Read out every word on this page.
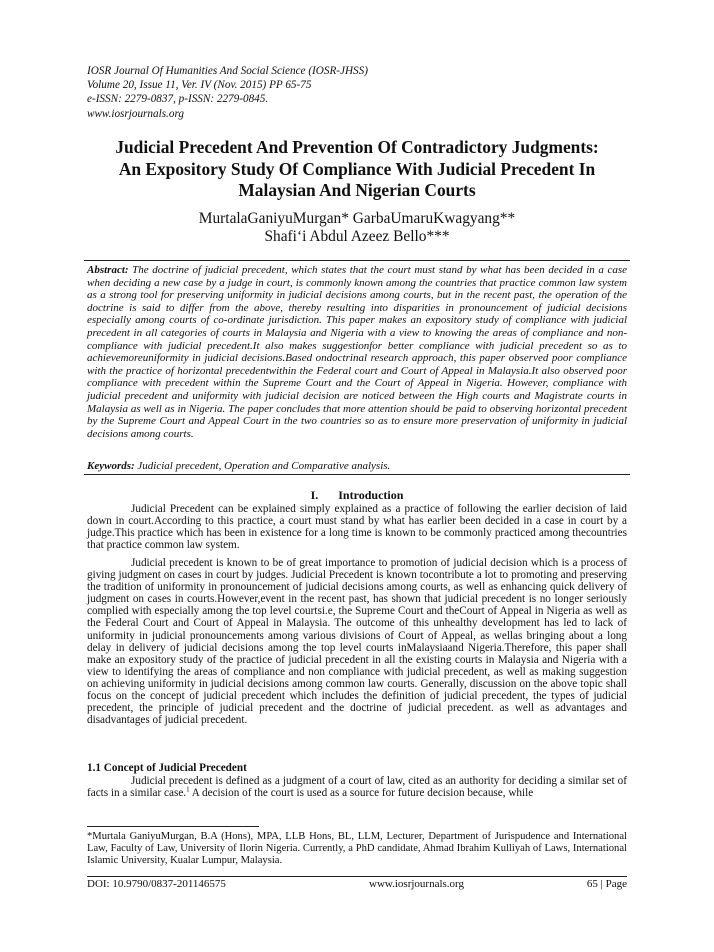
IOSR Journal Of Humanities And Social Science (IOSR-JHSS)
Volume 20, Issue 11, Ver. IV (Nov. 2015) PP 65-75
e-ISSN: 2279-0837, p-ISSN: 2279-0845.
www.iosrjournals.org
Judicial Precedent And Prevention Of Contradictory Judgments:
An Expository Study Of Compliance With Judicial Precedent In
Malaysian And Nigerian Courts
MurtalaGaniyuMurgan* GarbaUmaruKwagyang**
Shafi‘i Abdul Azeez Bello***
Abstract: The doctrine of judicial precedent, which states that the court must stand by what has been decided in a case when deciding a new case by a judge in court, is commonly known among the countries that practice common law system as a strong tool for preserving uniformity in judicial decisions among courts, but in the recent past, the operation of the doctrine is said to differ from the above, thereby resulting into disparities in pronouncement of judicial decisions especially among courts of co-ordinate jurisdiction. This paper makes an expository study of compliance with judicial precedent in all categories of courts in Malaysia and Nigeria with a view to knowing the areas of compliance and non-compliance with judicial precedent.It also makes suggestionfor better compliance with judicial precedent so as to achievemoreuniformity in judicial decisions.Based ondoctrinal research approach, this paper observed poor compliance with the practice of horizontal precedentwithin the Federal court and Court of Appeal in Malaysia.It also observed poor compliance with precedent within the Supreme Court and the Court of Appeal in Nigeria. However, compliance with judicial precedent and uniformity with judicial decision are noticed between the High courts and Magistrate courts in Malaysia as well as in Nigeria. The paper concludes that more attention should be paid to observing horizontal precedent by the Supreme Court and Appeal Court in the two countries so as to ensure more preservation of uniformity in judicial decisions among courts.
Keywords: Judicial precedent, Operation and Comparative analysis.
I. Introduction
Judicial Precedent can be explained simply explained as a practice of following the earlier decision of laid down in court.According to this practice, a court must stand by what has earlier been decided in a case in court by a judge.This practice which has been in existence for a long time is known to be commonly practiced among thecountries that practice common law system.
Judicial precedent is known to be of great importance to promotion of judicial decision which is a process of giving judgment on cases in court by judges. Judicial Precedent is known tocontribute a lot to promoting and preserving the tradition of uniformity in pronouncement of judicial decisions among courts, as well as enhancing quick delivery of judgment on cases in courts.However,event in the recent past, has shown that judicial precedent is no longer seriously complied with especially among the top level courtsi.e, the Supreme Court and theCourt of Appeal in Nigeria as well as the Federal Court and Court of Appeal in Malaysia. The outcome of this unhealthy development has led to lack of uniformity in judicial pronouncements among various divisions of Court of Appeal, as wellas bringing about a long delay in delivery of judicial decisions among the top level courts inMalaysiaand Nigeria.Therefore, this paper shall make an expository study of the practice of judicial precedent in all the existing courts in Malaysia and Nigeria with a view to identifying the areas of compliance and non compliance with judicial precedent, as well as making suggestion on achieving uniformity in judicial decisions among common law courts. Generally, discussion on the above topic shall focus on the concept of judicial precedent which includes the definition of judicial precedent, the types of judicial precedent, the principle of judicial precedent and the doctrine of judicial precedent. as well as advantages and disadvantages of judicial precedent.
1.1 Concept of Judicial Precedent
Judicial precedent is defined as a judgment of a court of law, cited as an authority for deciding a similar set of facts in a similar case.$^1$ A decision of the court is used as a source for future decision because, while
*Murtala GaniyuMurgan, B.A (Hons), MPA, LLB Hons, BL, LLM, Lecturer, Department of Jurispudence and International Law, Faculty of Law, University of Ilorin Nigeria. Currently, a PhD candidate, Ahmad Ibrahim Kulliyah of Laws, International Islamic University, Kualar Lumpur, Malaysia.
DOI: 10.9790/0837-201146575	www.iosrjournals.org	65 | Page
